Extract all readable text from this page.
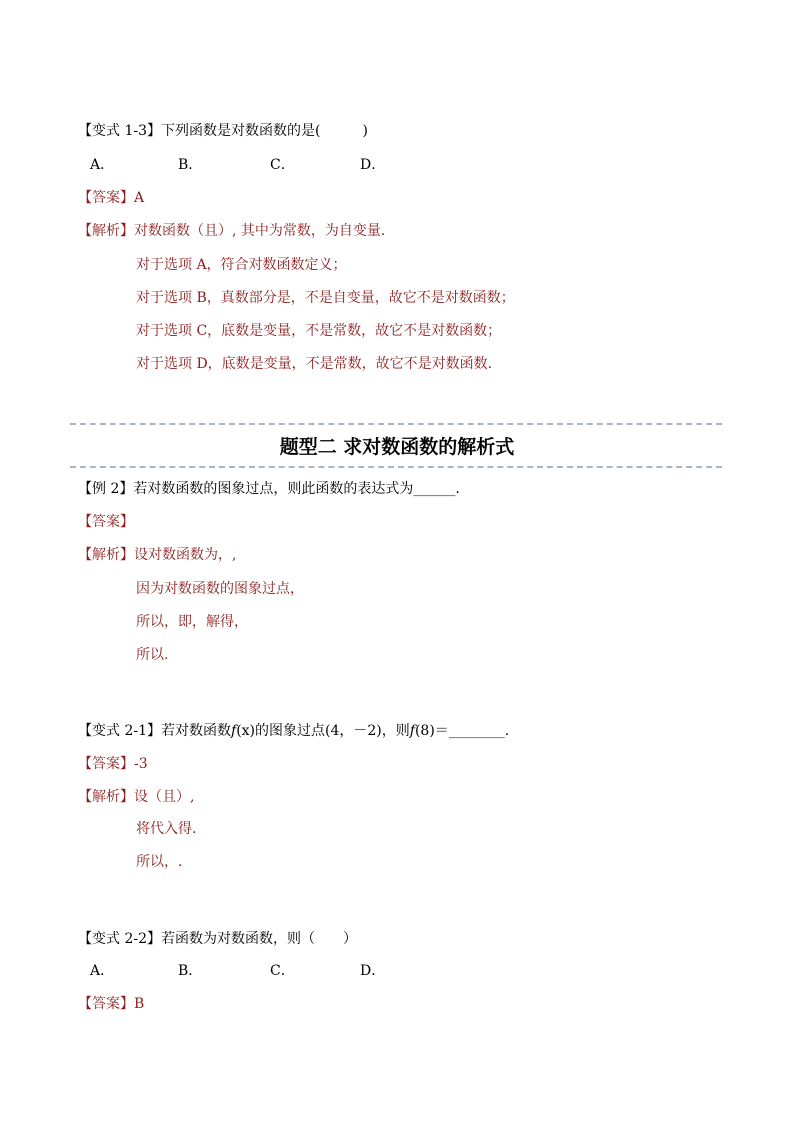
【变式 1-3】下列函数是对数函数的是(　　　)
A．	B．	C．	D．
【答案】A
【解析】对数函数（且）, 其中为常数，为自变量．
对于选项 A，符合对数函数定义；
对于选项 B，真数部分是，不是自变量，故它不是对数函数；
对于选项 C，底数是变量，不是常数，故它不是对数函数；
对于选项 D，底数是变量，不是常数，故它不是对数函数．
题型二 求对数函数的解析式
【例 2】若对数函数的图象过点，则此函数的表达式为______.
【答案】
【解析】设对数函数为，,
因为对数函数的图象过点，
所以，即，解得，
所以.
【变式 2-1】若对数函数f(x)的图象过点(4，－2)，则f(8)＝________.
【答案】-3
【解析】设（且）,
将代入得.
所以，.
【变式 2-2】若函数为对数函数，则（　　）
A．	B．	C．	D．
【答案】B
